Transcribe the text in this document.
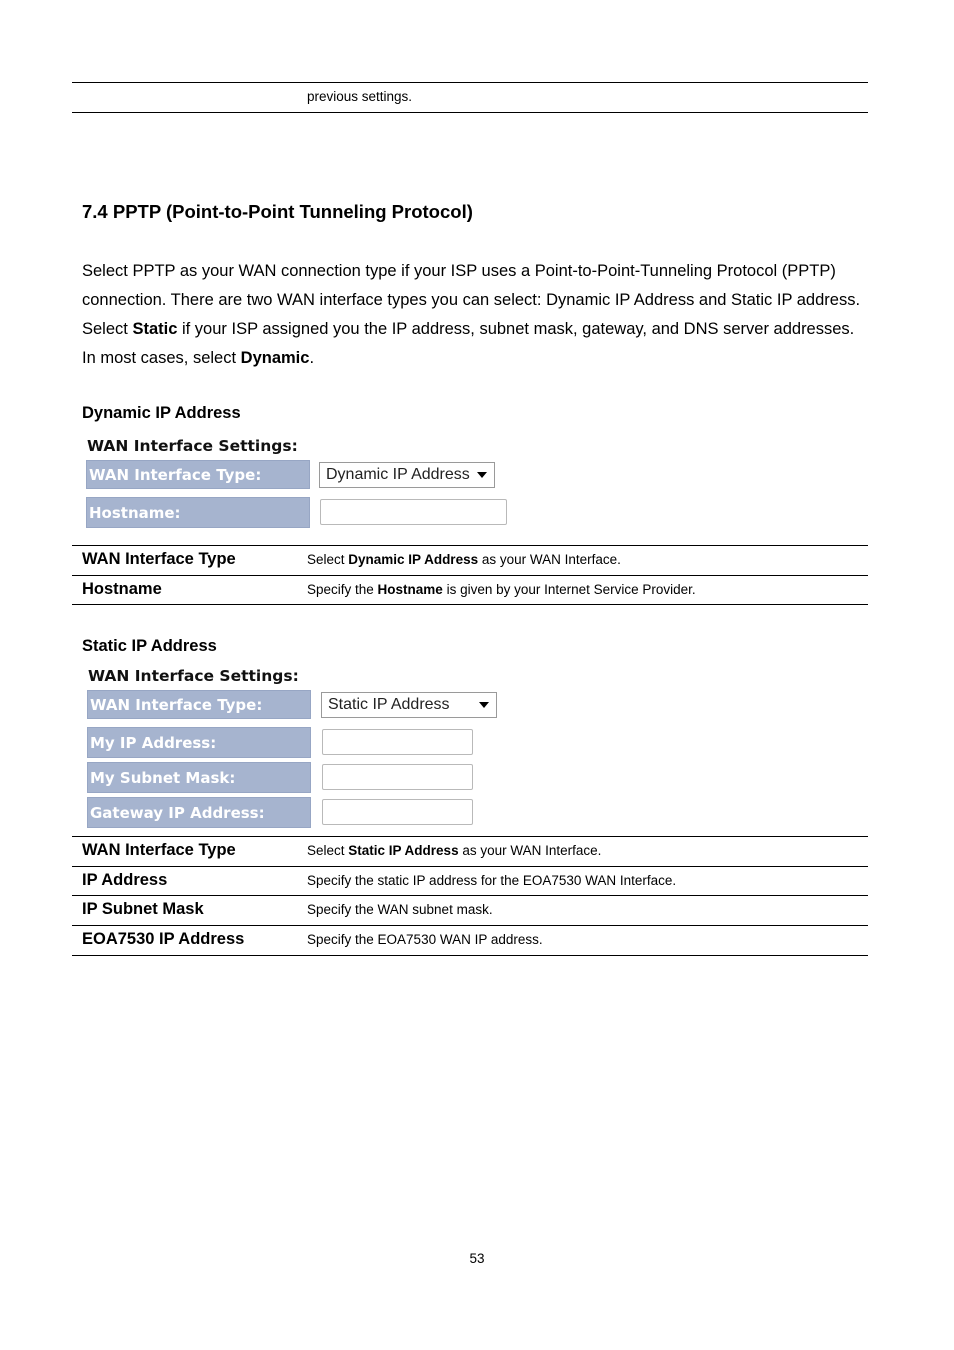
previous settings.
7.4 PPTP (Point-to-Point Tunneling Protocol)
Select PPTP as your WAN connection type if your ISP uses a Point-to-Point-Tunneling Protocol (PPTP) connection. There are two WAN interface types you can select: Dynamic IP Address and Static IP address. Select Static if your ISP assigned you the IP address, subnet mask, gateway, and DNS server addresses. In most cases, select Dynamic.
Dynamic IP Address
WAN Interface Settings:
WAN Interface Type:	Dynamic IP Address
Hostname:
WAN Interface Type	Select Dynamic IP Address as your WAN Interface.
Hostname	Specify the Hostname is given by your Internet Service Provider.
Static IP Address
WAN Interface Settings:
WAN Interface Type:	Static IP Address
My IP Address:
My Subnet Mask:
Gateway IP Address:
WAN Interface Type	Select Static IP Address as your WAN Interface.
IP Address	Specify the static IP address for the EOA7530 WAN Interface.
IP Subnet Mask	Specify the WAN subnet mask.
EOA7530 IP Address	Specify the EOA7530 WAN IP address.
53
